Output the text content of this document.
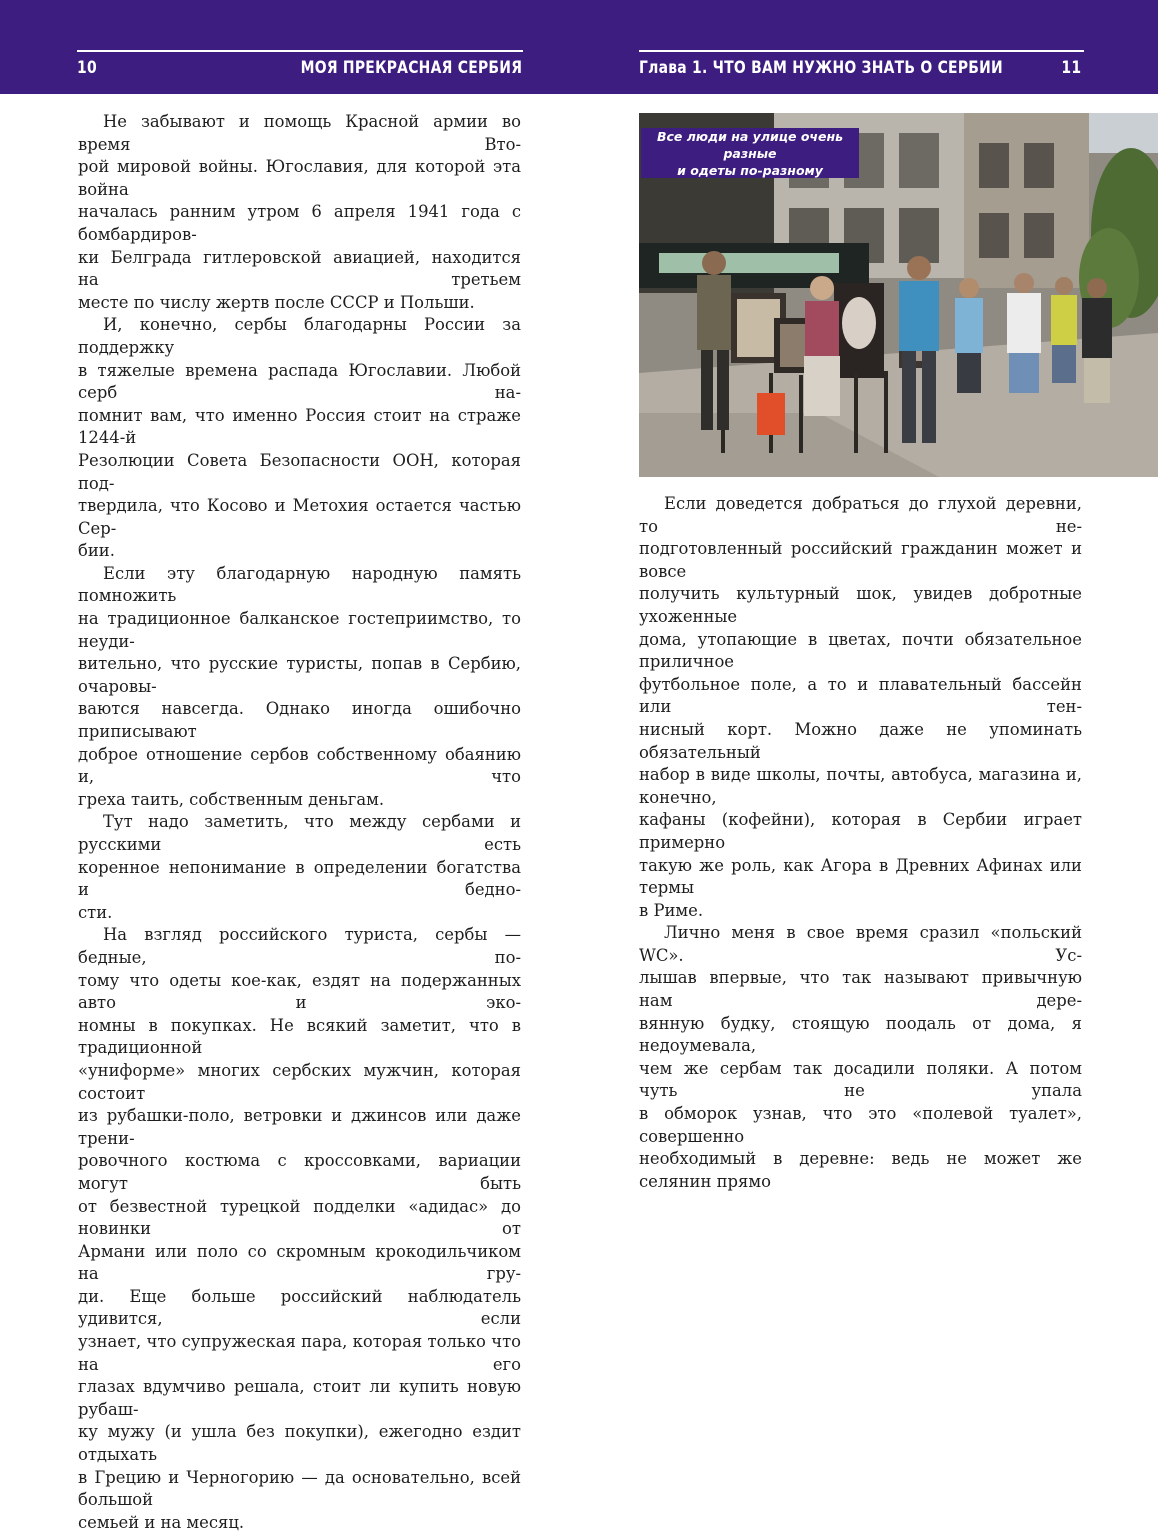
10	МОЯ ПРЕКРАСНАЯ СЕРБИЯ	Глава 1. ЧТО ВАМ НУЖНО ЗНАТЬ О СЕРБИИ	11

Не забывают и помощь Красной армии во время Вто-

рой мировой войны. Югославия, для которой эта война

началась ранним утром 6 апреля 1941 года с бомбардиров-

ки Белграда гитлеровской авиацией, находится на третьем

месте по числу жертв после СССР и Польши.

И, конечно, сербы благодарны России за поддержку

в тяжелые времена распада Югославии. Любой серб на-

помнит вам, что именно Россия стоит на страже 1244-й

Резолюции Совета Безопасности ООН, которая под-

твердила, что Косово и Метохия остается частью Сер-

бии.

Если эту благодарную народную память помножить

на традиционное балканское гостеприимство, то неуди-

вительно, что русские туристы, попав в Сербию, очаровы-

ваются навсегда. Однако иногда ошибочно приписывают

доброе отношение сербов собственному обаянию и, что

греха таить, собственным деньгам.

Тут надо заметить, что между сербами и русскими есть

коренное непонимание в определении богатства и бедно-

сти.

На взгляд российского туриста, сербы — бедные, по-

тому что одеты кое-как, ездят на подержанных авто и эко-

номны в покупках. Не всякий заметит, что в традиционной

«униформе» многих сербских мужчин, которая состоит

из рубашки-поло, ветровки и джинсов или даже трени-

ровочного костюма с кроссовками, вариации могут быть

от безвестной турецкой подделки «адидас» до новинки от

Армани или поло со скромным крокодильчиком на гру-

ди. Еще больше российский наблюдатель удивится, если

узнает, что супружеская пара, которая только что на его

глазах вдумчиво решала, стоит ли купить новую рубаш-

ку мужу (и ушла без покупки), ежегодно ездит отдыхать

в Грецию и Черногорию — да основательно, всей большой

семьей и на месяц.

Все люди на улице очень разные
и одеты по-разному

Если доведется добраться до глухой деревни, то не-

подготовленный российский гражданин может и вовсе

получить культурный шок, увидев добротные ухоженные

дома, утопающие в цветах, почти обязательное приличное

футбольное поле, а то и плавательный бассейн или тен-

нисный корт. Можно даже не упоминать обязательный

набор в виде школы, почты, автобуса, магазина и, конечно,

кафаны (кофейни), которая в Сербии играет примерно

такую же роль, как Агора в Древних Афинах или термы

в Риме.

Лично меня в свое время сразил «польский WC». Ус-

лышав впервые, что так называют привычную нам дере-

вянную будку, стоящую поодаль от дома, я недоумевала,

чем же сербам так досадили поляки. А потом чуть не упала

в обморок узнав, что это «полевой туалет», совершенно

необходимый в деревне: ведь не может же селянин прямо
